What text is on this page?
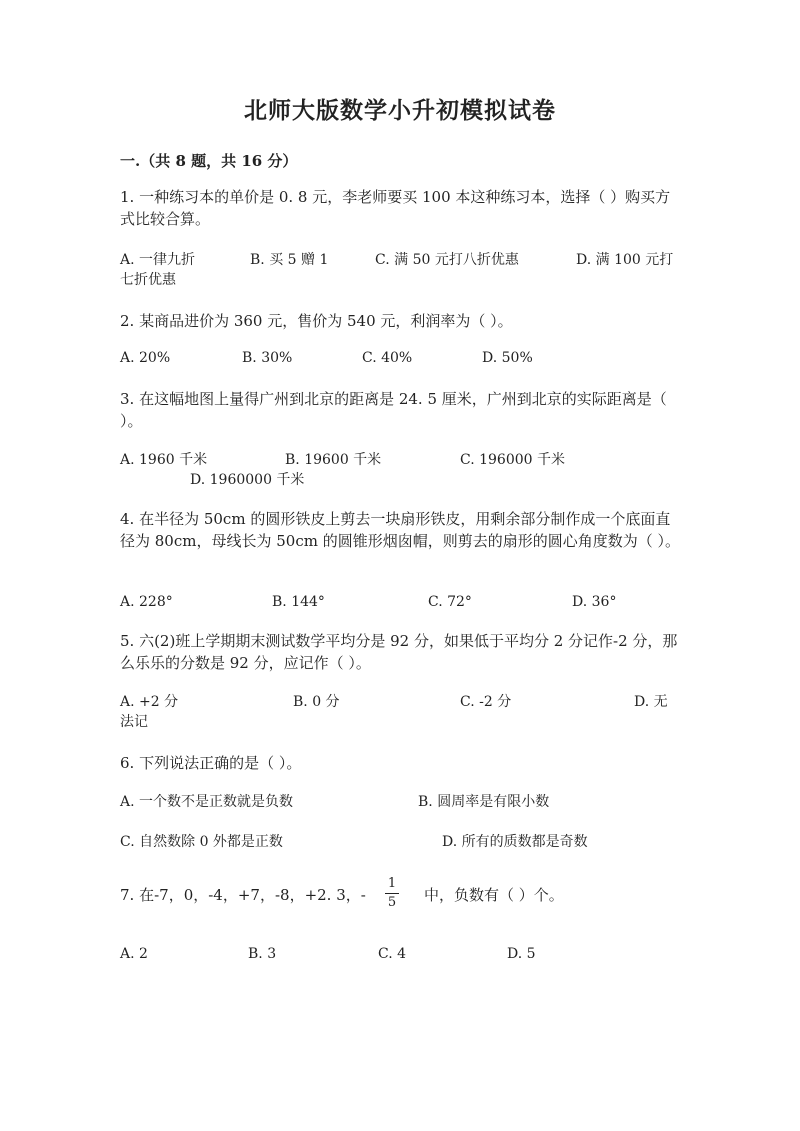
北师大版数学小升初模拟试卷
一.（共 8 题，共 16 分）
1. 一种练习本的单价是 0. 8 元，李老师要买 100 本这种练习本，选择（ ）购买方式比较合算。
A. 一律九折	B. 买 5 赠 1	C. 满 50 元打八折优惠	D. 满 100 元打七折优惠
2. 某商品进价为 360 元，售价为 540 元，利润率为（ ）。
A. 20%	B. 30%	C. 40%	D. 50%
3. 在这幅地图上量得广州到北京的距离是 24. 5 厘米，广州到北京的实际距离是（ ）。
A. 1960 千米	B. 19600 千米	C. 196000 千米
D. 1960000 千米
4. 在半径为 50cm 的圆形铁皮上剪去一块扇形铁皮，用剩余部分制作成一个底面直径为 80cm，母线长为 50cm 的圆锥形烟囱帽，则剪去的扇形的圆心角度数为（ ）。
A. 228°	B. 144°	C. 72°	D. 36°
5. 六(2)班上学期期末测试数学平均分是 92 分，如果低于平均分 2 分记作-2 分，那么乐乐的分数是 92 分，应记作（ ）。
A. +2 分	B. 0 分	C. -2 分	D. 无法记
6. 下列说法正确的是（ ）。
A. 一个数不是正数就是负数	B. 圆周率是有限小数
C. 自然数除 0 外都是正数	D. 所有的质数都是奇数
7. 在-7，0，-4，+7，-8，+2. 3，-
1
5	中，负数有（ ）个。
A. 2	B. 3	C. 4	D. 5
